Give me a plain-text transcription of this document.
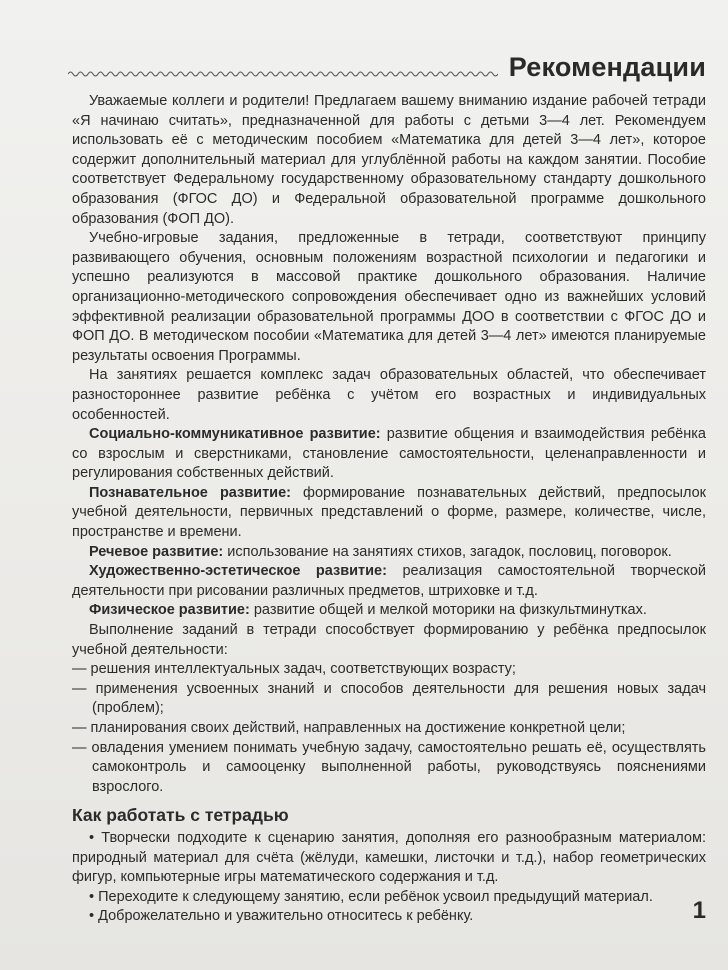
Рекомендации

Уважаемые коллеги и родители! Предлагаем вашему вниманию издание рабочей тетради «Я начинаю считать», предназначенной для работы с детьми 3—4 лет. Рекомендуем использовать её с методическим пособием «Математика для детей 3—4 лет», которое содержит дополнительный материал для углублённой работы на каждом занятии. Пособие соответствует Федеральному государственному образовательному стандарту дошкольного образования (ФГОС ДО) и Федеральной образовательной программе дошкольного образования (ФОП ДО).

Учебно-игровые задания, предложенные в тетради, соответствуют принципу развивающего обучения, основным положениям возрастной психологии и педагогики и успешно реализуются в массовой практике дошкольного образования. Наличие организационно-методического сопровождения обеспечивает одно из важнейших условий эффективной реализации образовательной программы ДОО в соответствии с ФГОС ДО и ФОП ДО. В методическом пособии «Математика для детей 3—4 лет» имеются планируемые результаты освоения Программы.

На занятиях решается комплекс задач образовательных областей, что обеспечивает разностороннее развитие ребёнка с учётом его возрастных и индивидуальных особенностей.

Социально-коммуникативное развитие: развитие общения и взаимодействия ребёнка со взрослым и сверстниками, становление самостоятельности, целенаправленности и регулирования собственных действий.

Познавательное развитие: формирование познавательных действий, предпосылок учебной деятельности, первичных представлений о форме, размере, количестве, числе, пространстве и времени.

Речевое развитие: использование на занятиях стихов, загадок, пословиц, поговорок.

Художественно-эстетическое развитие: реализация самостоятельной творческой деятельности при рисовании различных предметов, штриховке и т.д.

Физическое развитие: развитие общей и мелкой моторики на физкультминутках.

Выполнение заданий в тетради способствует формированию у ребёнка предпосылок учебной деятельности:

— решения интеллектуальных задач, соответствующих возрасту;
— применения усвоенных знаний и способов деятельности для решения новых задач (проблем);
— планирования своих действий, направленных на достижение конкретной цели;
— овладения умением понимать учебную задачу, самостоятельно решать её, осуществлять самоконтроль и самооценку выполненной работы, руководствуясь пояснениями взрослого.
Как работать с тетрадью
• Творчески подходите к сценарию занятия, дополняя его разнообразным материалом: природный материал для счёта (жёлуди, камешки, листочки и т.д.), набор геометрических фигур, компьютерные игры математического содержания и т.д.
• Переходите к следующему занятию, если ребёнок усвоил предыдущий материал.
• Доброжелательно и уважительно относитесь к ребёнку.	1
